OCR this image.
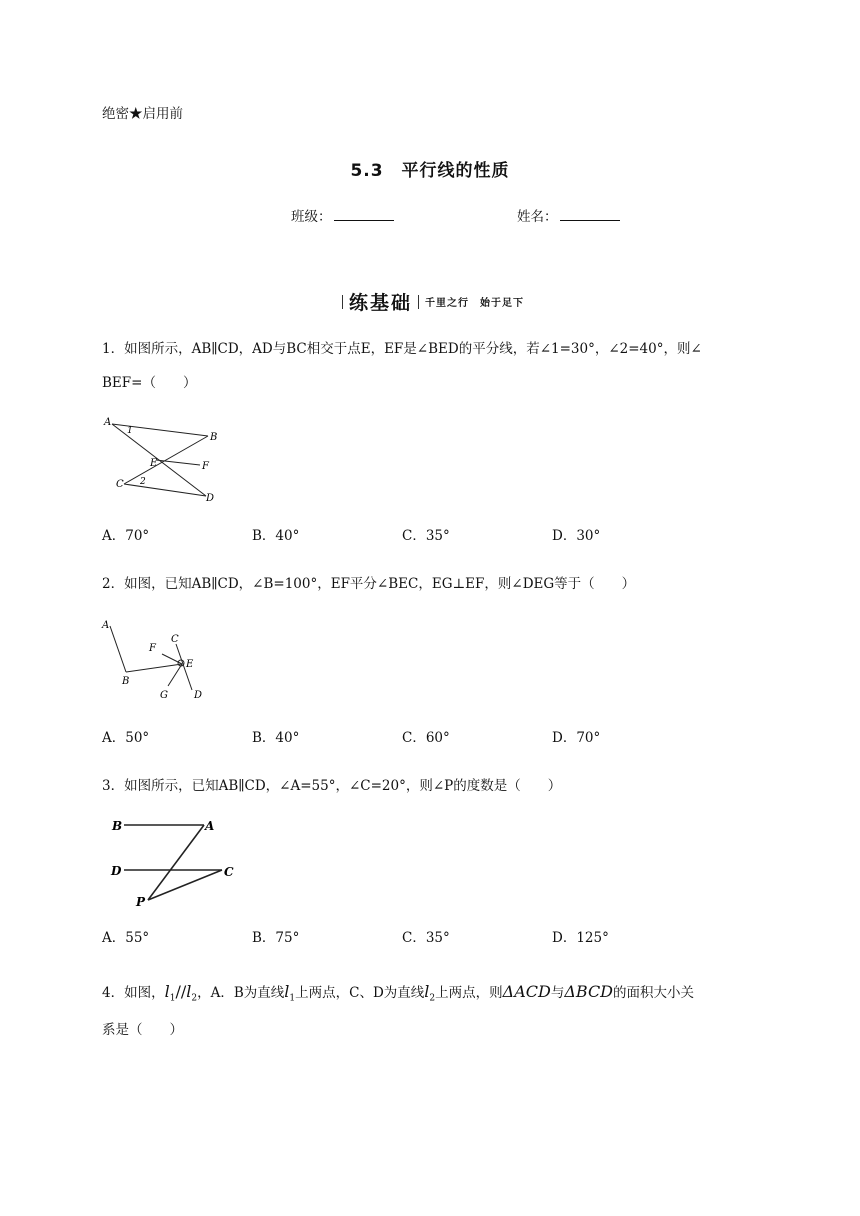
绝密★启用前
5.3　平行线的性质
班级：	姓名：
练基础 千里之行　始于足下
1．如图所示，AB∥CD，AD与BC相交于点E，EF是∠BED的平分线，若∠1=30°，∠2=40°，则∠
BEF=（　　）
A
1
B
E	F
C 2
D
A．70°	B．40°	C．35°	D．30°
2．如图，已知AB∥CD，∠B=100°，EF平分∠BEC，EG⊥EF，则∠DEG等于（　　）
A
F
C
E
B
G	D
A．50°	B．40°	C．60°	D．70°
3．如图所示，已知AB∥CD，∠A=55°，∠C=20°，则∠P的度数是（　　）
B	A
D	C
P
A．55°	B．75°	C．35°	D．125°
4．如图，$l_1//l_2$，A．B为直线$l_1$上两点，C、D为直线$l_2$上两点，则ΔACD与ΔBCD的面积大小关
系是（　　）
